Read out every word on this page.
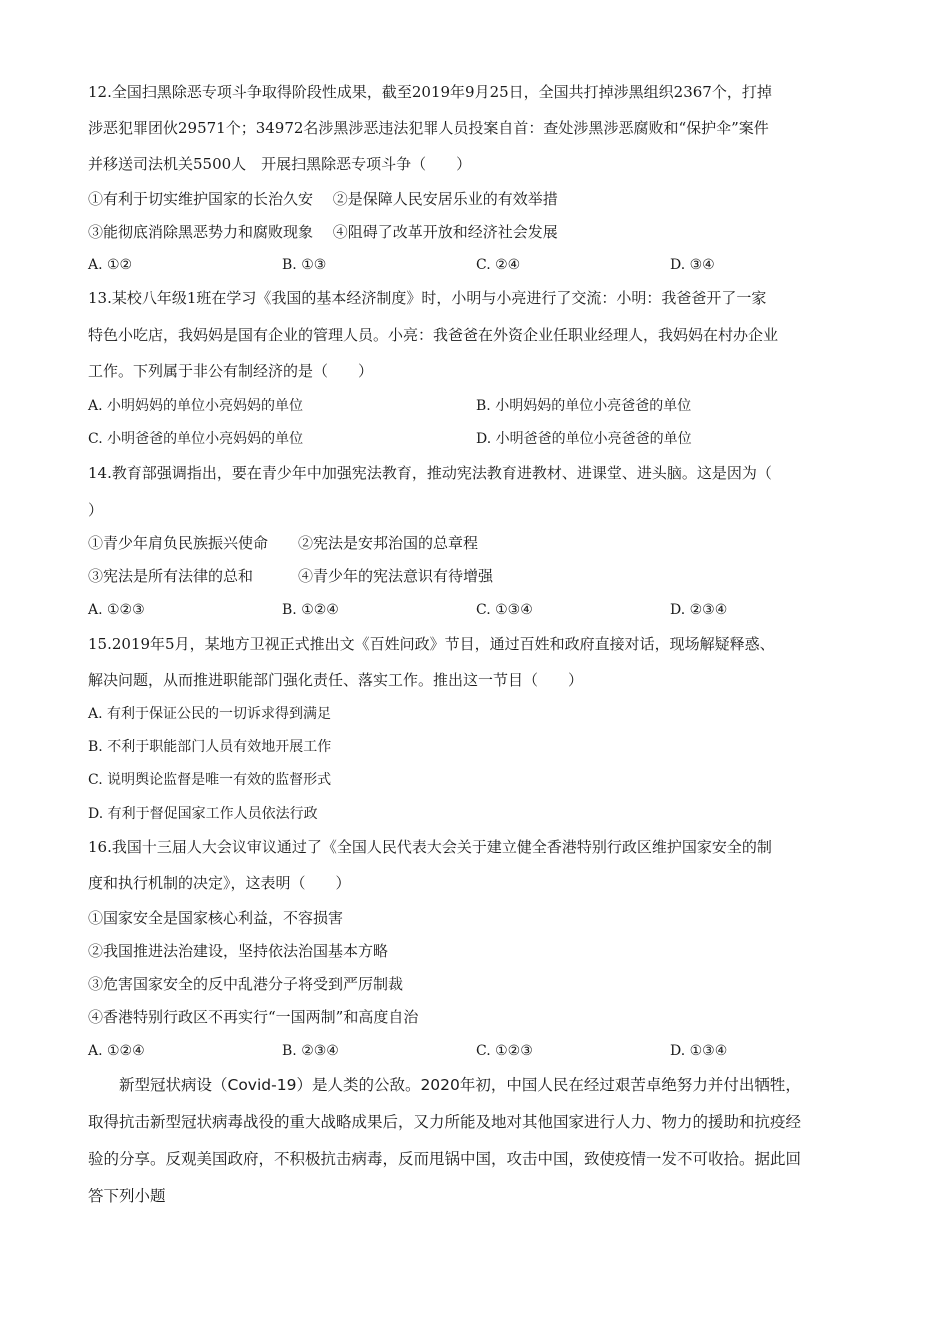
12.全国扫黑除恶专项斗争取得阶段性成果，截至2019年9月25日，全国共打掉涉黑组织2367个，打掉
涉恶犯罪团伙29571个；34972名涉黑涉恶违法犯罪人员投案自首：查处涉黑涉恶腐败和“保护伞”案件
并移送司法机关5500人　开展扫黑除恶专项斗争（　　）
①有利于切实维护国家的长治久安　 ②是保障人民安居乐业的有效举措
③能彻底消除黑恶势力和腐败现象　 ④阻碍了改革开放和经济社会发展
A. ①②	B. ①③	C. ②④	D. ③④
13.某校八年级1班在学习《我国的基本经济制度》时，小明与小亮进行了交流：小明：我爸爸开了一家
特色小吃店，我妈妈是国有企业的管理人员。小亮：我爸爸在外资企业任职业经理人，我妈妈在村办企业
工作。下列属于非公有制经济的是（　　）
A. 小明妈妈的单位小亮妈妈的单位	B. 小明妈妈的单位小亮爸爸的单位
C. 小明爸爸的单位小亮妈妈的单位	D. 小明爸爸的单位小亮爸爸的单位
14.教育部强调指出，要在青少年中加强宪法教育，推动宪法教育进教材、进课堂、进头脑。这是因为（
）
①青少年肩负民族振兴使命　　②宪法是安邦治国的总章程
③宪法是所有法律的总和　　　④青少年的宪法意识有待增强
A. ①②③	B. ①②④	C. ①③④	D. ②③④
15.2019年5月，某地方卫视正式推出文《百姓问政》节目，通过百姓和政府直接对话，现场解疑释惑、
解决问题，从而推进职能部门强化责任、落实工作。推出这一节目（　　）
A. 有利于保证公民的一切诉求得到满足
B. 不利于职能部门人员有效地开展工作
C. 说明舆论监督是唯一有效的监督形式
D. 有利于督促国家工作人员依法行政
16.我国十三届人大会议审议通过了《全国人民代表大会关于建立健全香港特别行政区维护国家安全的制
度和执行机制的决定》，这表明（　　）
①国家安全是国家核心利益，不容损害
②我国推进法治建设，坚持依法治国基本方略
③危害国家安全的反中乱港分子将受到严厉制裁
④香港特别行政区不再实行“一国两制”和高度自治
A. ①②④	B. ②③④	C. ①②③	D. ①③④
　　新型冠状病设（Covid-19）是人类的公敌。2020年初，中国人民在经过艰苦卓绝努力并付出牺牲，
取得抗击新型冠状病毒战役的重大战略成果后，又力所能及地对其他国家进行人力、物力的援助和抗疫经
验的分享。反观美国政府，不积极抗击病毒，反而甩锅中国，攻击中国，致使疫情一发不可收拾。据此回
答下列小题
